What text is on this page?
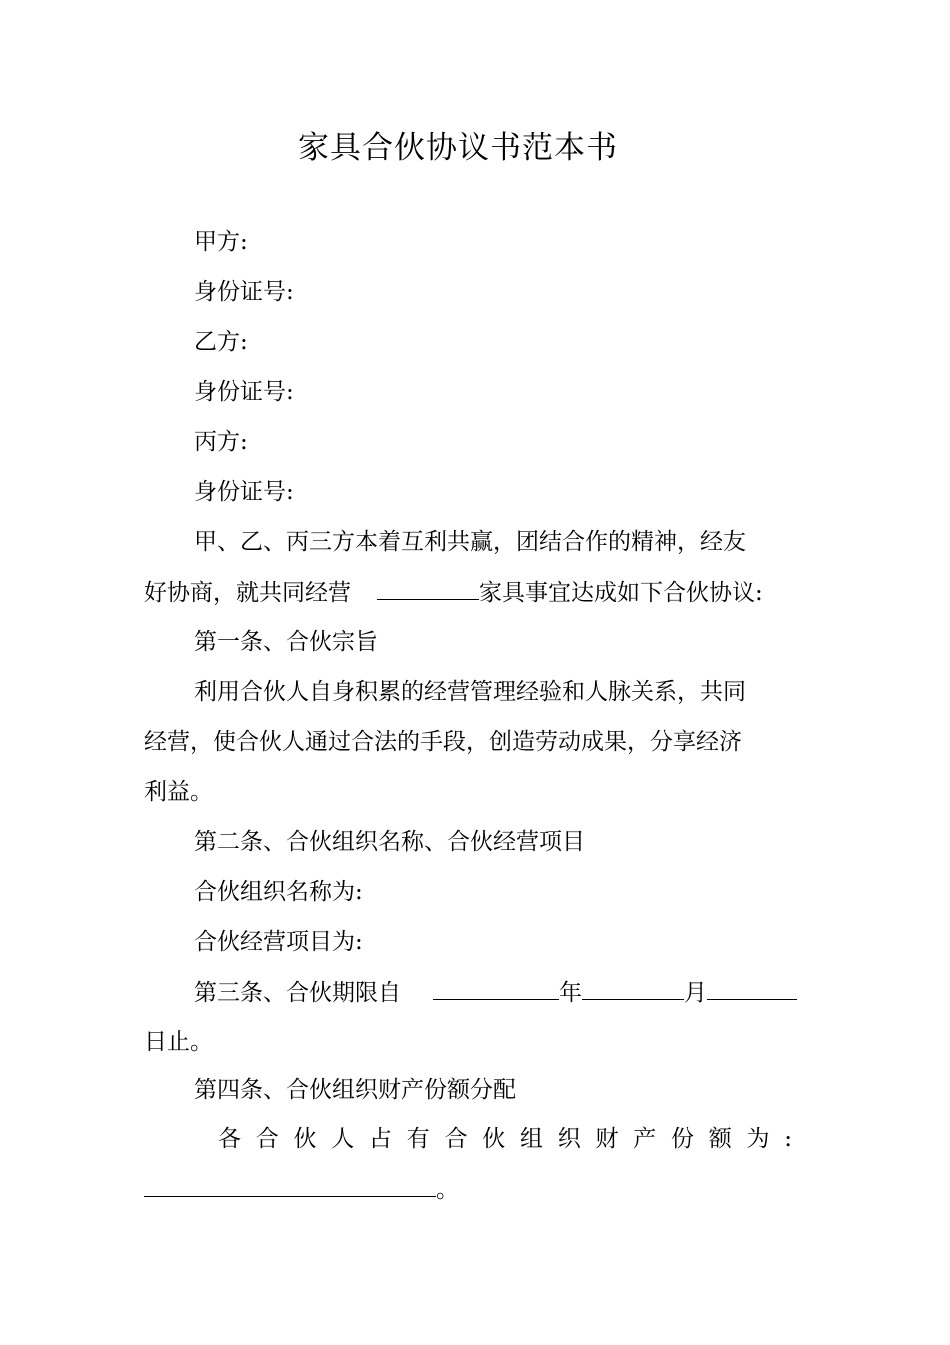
家具合伙协议书范本书
甲方:
身份证号:
乙方:
身份证号:
丙方:
身份证号:
甲、乙、丙三方本着互利共赢，团结合作的精神，经友
好协商，就共同经营	家具事宜达成如下合伙协议:
第一条、合伙宗旨
利用合伙人自身积累的经营管理经验和人脉关系，共同
经营，使合伙人通过合法的手段，创造劳动成果，分享经济
利益。
第二条、合伙组织名称、合伙经营项目
合伙组织名称为:
合伙经营项目为:
第三条、合伙期限自	年	月
日止。
第四条、合伙组织财产份额分配
各 合 伙 人 占 有 合 伙 组 织 财 产 份 额 为 :
。
